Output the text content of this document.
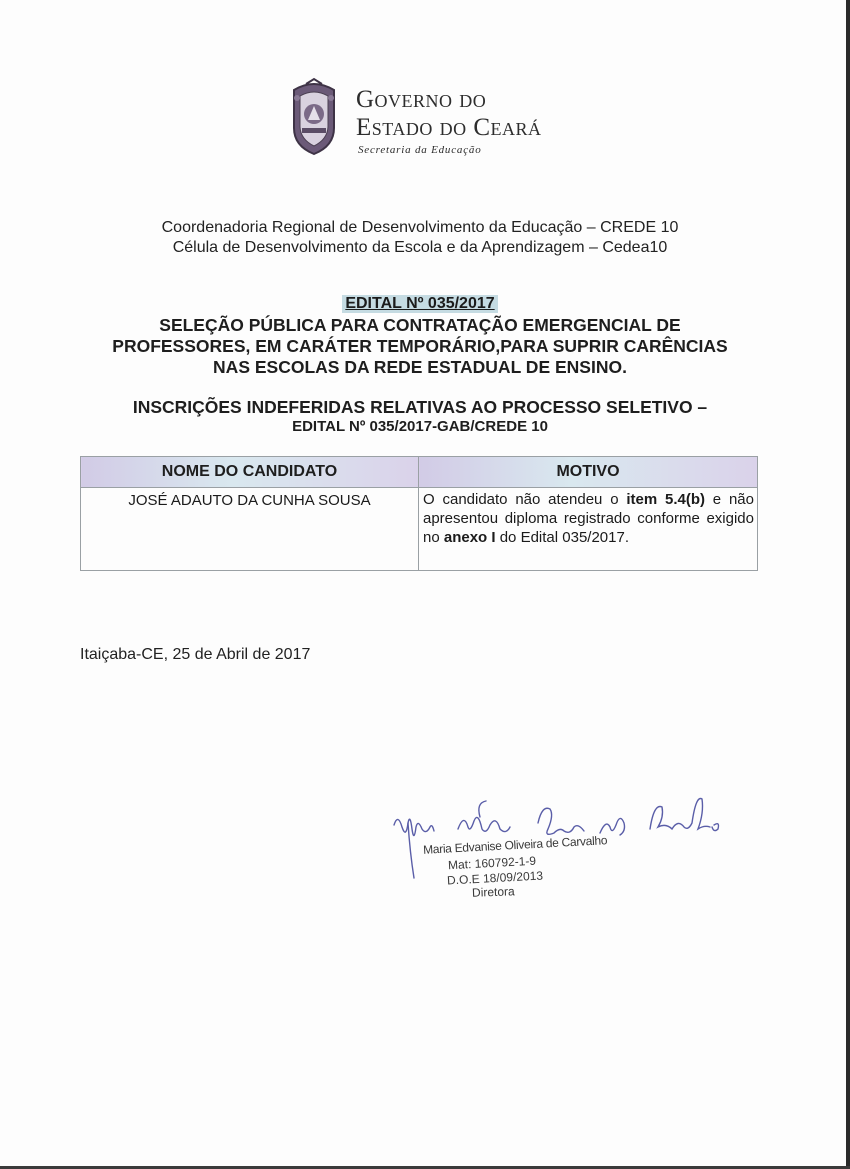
Governo do
Estado do Ceará
Secretaria da Educação
Coordenadoria Regional de Desenvolvimento da Educação – CREDE 10
Célula de Desenvolvimento da Escola e da Aprendizagem – Cedea10
EDITAL Nº 035/2017
SELEÇÃO PÚBLICA PARA CONTRATAÇÃO EMERGENCIAL DE
PROFESSORES, EM CARÁTER TEMPORÁRIO,PARA SUPRIR CARÊNCIAS
NAS ESCOLAS DA REDE ESTADUAL DE ENSINO.
INSCRIÇÕES INDEFERIDAS RELATIVAS AO PROCESSO SELETIVO –
EDITAL Nº 035/2017-GAB/CREDE 10
NOME DO CANDIDATO	MOTIVO
JOSÉ ADAUTO DA CUNHA SOUSA	O candidato não atendeu o item 5.4(b) e não apresentou diploma registrado conforme exigido no anexo I do Edital 035/2017.
Itaiçaba-CE, 25 de Abril de 2017
Maria Edvanise Oliveira de Carvalho
Mat: 160792-1-9
D.O.E 18/09/2013
Diretora
